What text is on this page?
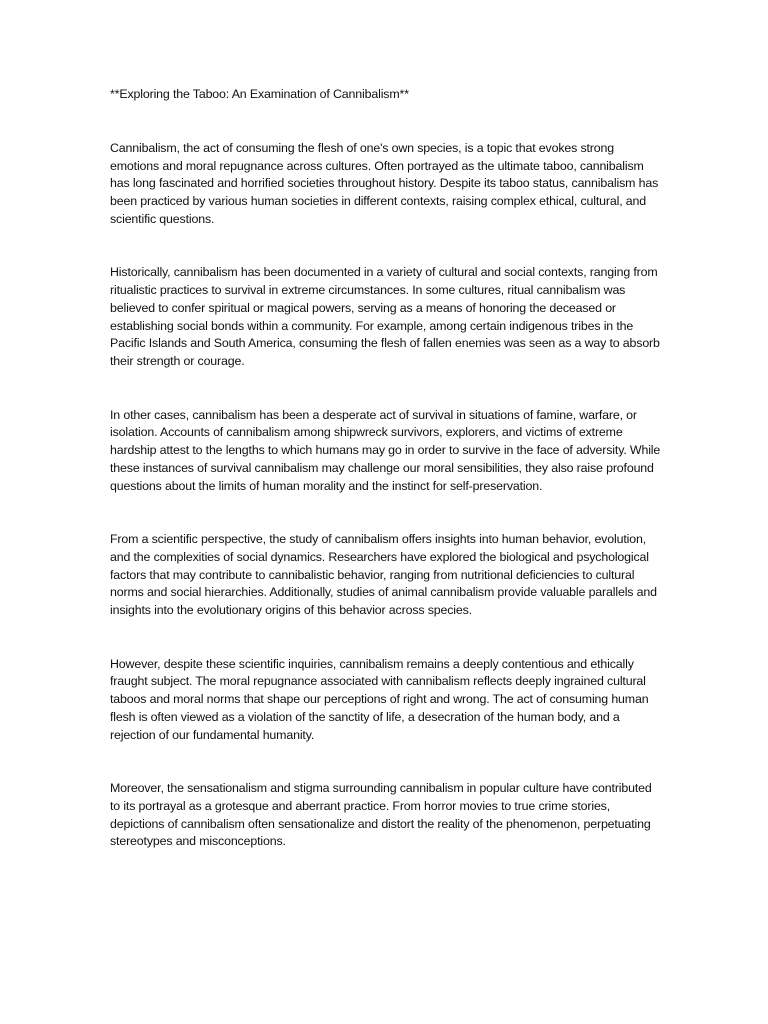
**Exploring the Taboo: An Examination of Cannibalism**

Cannibalism, the act of consuming the flesh of one's own species, is a topic that evokes strong emotions and moral repugnance across cultures. Often portrayed as the ultimate taboo, cannibalism has long fascinated and horrified societies throughout history. Despite its taboo status, cannibalism has been practiced by various human societies in different contexts, raising complex ethical, cultural, and scientific questions.

Historically, cannibalism has been documented in a variety of cultural and social contexts, ranging from ritualistic practices to survival in extreme circumstances. In some cultures, ritual cannibalism was believed to confer spiritual or magical powers, serving as a means of honoring the deceased or establishing social bonds within a community. For example, among certain indigenous tribes in the Pacific Islands and South America, consuming the flesh of fallen enemies was seen as a way to absorb their strength or courage.

In other cases, cannibalism has been a desperate act of survival in situations of famine, warfare, or isolation. Accounts of cannibalism among shipwreck survivors, explorers, and victims of extreme hardship attest to the lengths to which humans may go in order to survive in the face of adversity. While these instances of survival cannibalism may challenge our moral sensibilities, they also raise profound questions about the limits of human morality and the instinct for self-preservation.

From a scientific perspective, the study of cannibalism offers insights into human behavior, evolution, and the complexities of social dynamics. Researchers have explored the biological and psychological factors that may contribute to cannibalistic behavior, ranging from nutritional deficiencies to cultural norms and social hierarchies. Additionally, studies of animal cannibalism provide valuable parallels and insights into the evolutionary origins of this behavior across species.

However, despite these scientific inquiries, cannibalism remains a deeply contentious and ethically fraught subject. The moral repugnance associated with cannibalism reflects deeply ingrained cultural taboos and moral norms that shape our perceptions of right and wrong. The act of consuming human flesh is often viewed as a violation of the sanctity of life, a desecration of the human body, and a rejection of our fundamental humanity.

Moreover, the sensationalism and stigma surrounding cannibalism in popular culture have contributed to its portrayal as a grotesque and aberrant practice. From horror movies to true crime stories, depictions of cannibalism often sensationalize and distort the reality of the phenomenon, perpetuating stereotypes and misconceptions.
